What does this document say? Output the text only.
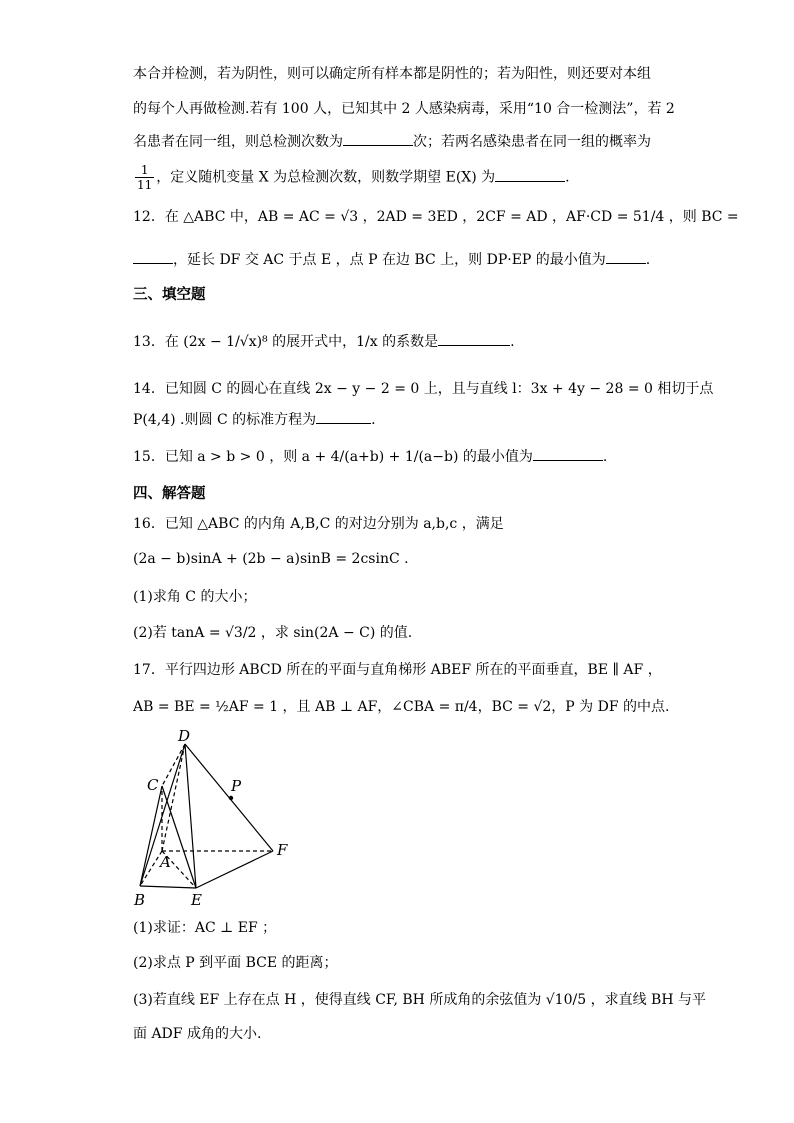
本合并检测，若为阴性，则可以确定所有样本都是阴性的；若为阳性，则还要对本组
的每个人再做检测.若有 100 人，已知其中 2 人感染病毒，采用“10 合一检测法”，若 2
名患者在同一组，则总检测次数为	次；若两名感染患者在同一组的概率为
$\frac{1}{11}$ ，定义随机变量 X 为总检测次数，则数学期望 E(X) 为	.
12．在 △ABC 中，AB = AC = √3 ，2AD = 3ED ，2CF = AD ，AF·CD = 51/4 ，则 BC =
，延长 DF 交 AC 于点 E ，点 P 在边 BC 上，则 DP·EP 的最小值为	.
三、填空题
13．在 (2x − 1/√x)⁸ 的展开式中，1/x 的系数是	.
14．已知圆 C 的圆心在直线 2x − y − 2 = 0 上，且与直线 l：3x + 4y − 28 = 0 相切于点
P(4,4) .则圆 C 的标准方程为	.
15．已知 a > b > 0 ，则 a + 4/(a+b) + 1/(a−b) 的最小值为	.
四、解答题
16．已知 △ABC 的内角 A,B,C 的对边分别为 a,b,c ，满足
(2a − b)sinA + (2b − a)sinB = 2csinC .
(1)求角 C 的大小；
(2)若 tanA = √3/2 ，求 sin(2A − C) 的值.
17．平行四边形 ABCD 所在的平面与直角梯形 ABEF 所在的平面垂直，BE ∥ AF ，
AB = BE = ½AF = 1 ，且 AB ⊥ AF，∠CBA = π/4，BC = √2，P 为 DF 的中点.
D
C	P
A
F
B	E
(1)求证：AC ⊥ EF ；
(2)求点 P 到平面 BCE 的距离；
(3)若直线 EF 上存在点 H ，使得直线 CF, BH 所成角的余弦值为 √10/5 ，求直线 BH 与平
面 ADF 成角的大小.
